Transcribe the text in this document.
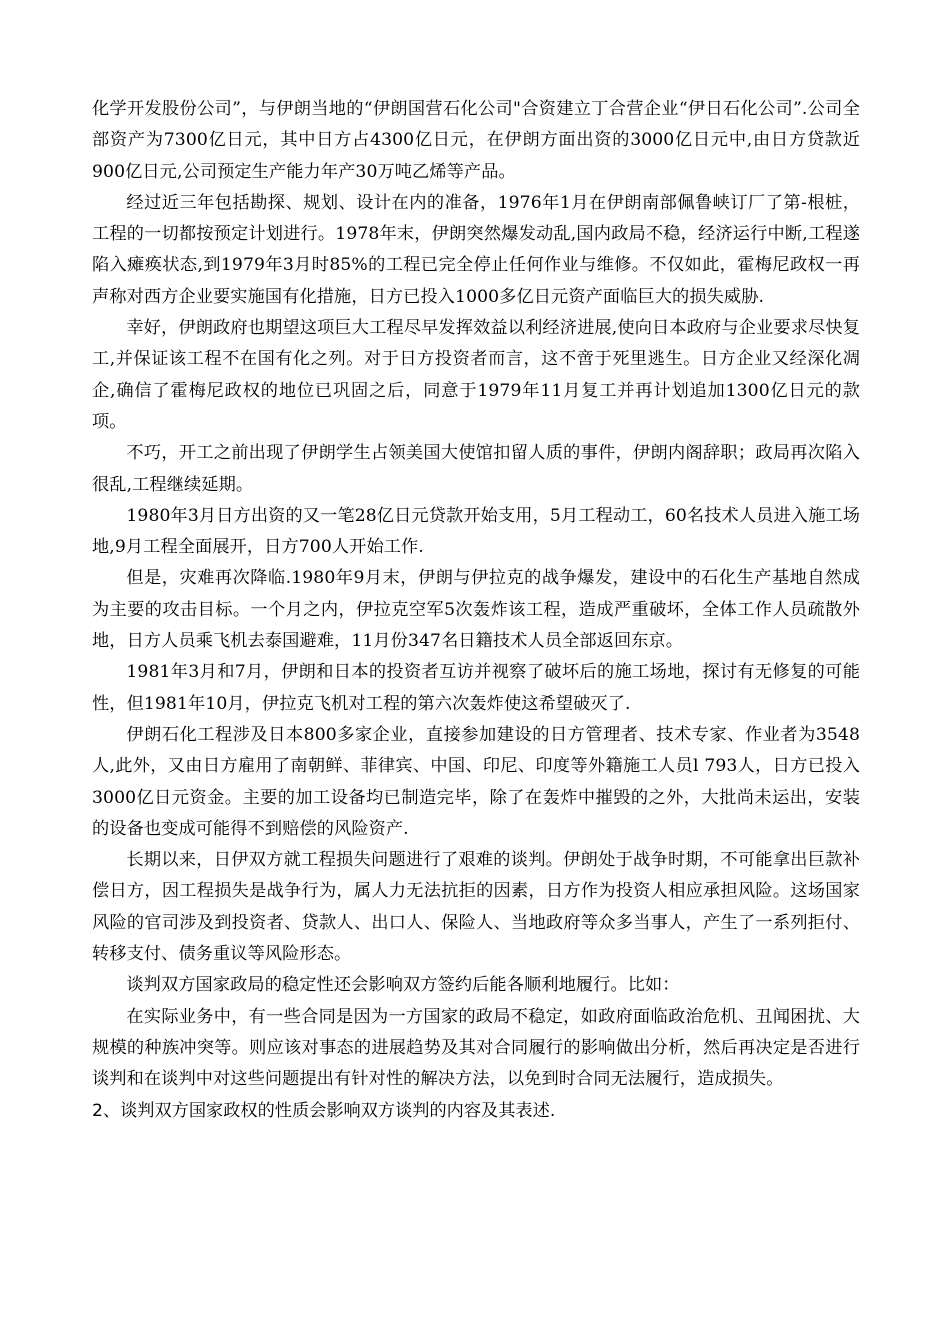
化学开发股份公司”，与伊朗当地的“伊朗国营石化公司"合资建立丁合营企业“伊日石化公司”.公司全部资产为7300亿日元，其中日方占4300亿日元，在伊朗方面出资的3000亿日元中,由日方贷款近900亿日元,公司预定生产能力年产30万吨乙烯等产品。

经过近三年包括勘探、规划、设计在内的准备，1976年1月在伊朗南部佩鲁峡订厂了第-根桩，工程的一切都按预定计划进行。1978年末，伊朗突然爆发动乱,国内政局不稳，经济运行中断,工程遂陷入瘫痪状态,到1979年3月时85%的工程已完全停止任何作业与维修。不仅如此，霍梅尼政权一再声称对西方企业要实施国有化措施，日方已投入1000多亿日元资产面临巨大的损失威胁.

幸好，伊朗政府也期望这项巨大工程尽早发挥效益以利经济进展,使向日本政府与企业要求尽快复工,并保证该工程不在国有化之列。对于日方投资者而言，这不啻于死里逃生。日方企业又经深化凋企,确信了霍梅尼政权的地位已巩固之后，同意于1979年11月复工并再计划追加1300亿日元的款项。

不巧，开工之前出现了伊朗学生占领美国大使馆扣留人质的事件，伊朗内阁辞职；政局再次陷入很乱,工程继续延期。

1980年3月日方出资的又一笔28亿日元贷款开始支用，5月工程动工，60名技术人员进入施工场地,9月工程全面展开，日方700人开始工作.

但是，灾难再次降临.1980年9月末，伊朗与伊拉克的战争爆发，建设中的石化生产基地自然成为主要的攻击目标。一个月之内，伊拉克空军5次轰炸该工程，造成严重破坏，全体工作人员疏散外地，日方人员乘飞机去泰国避难，11月份347名日籍技术人员全部返回东京。

1981年3月和7月，伊朗和日本的投资者互访并视察了破坏后的施工场地，探讨有无修复的可能性，但1981年10月，伊拉克飞机对工程的第六次轰炸使这希望破灭了.

伊朗石化工程涉及日本800多家企业，直接参加建设的日方管理者、技术专家、作业者为3548人,此外，又由日方雇用了南朝鲜、菲律宾、中国、印尼、印度等外籍施工人员l 793人，日方已投入3000亿日元资金。主要的加工设备均已制造完毕，除了在轰炸中摧毁的之外，大批尚未运出，安装的设备也变成可能得不到赔偿的风险资产.

长期以来，日伊双方就工程损失问题进行了艰难的谈判。伊朗处于战争时期，不可能拿出巨款补偿日方，因工程损失是战争行为，属人力无法抗拒的因素，日方作为投资人相应承担风险。这场国家风险的官司涉及到投资者、贷款人、出口人、保险人、当地政府等众多当事人，产生了一系列拒付、转移支付、债务重议等风险形态。

谈判双方国家政局的稳定性还会影响双方签约后能各顺利地履行。比如：

在实际业务中，有一些合同是因为一方国家的政局不稳定，如政府面临政治危机、丑闻困扰、大规模的种族冲突等。则应该对事态的进展趋势及其对合同履行的影响做出分析，然后再决定是否进行谈判和在谈判中对这些问题提出有针对性的解决方法，以免到时合同无法履行，造成损失。

2、谈判双方国家政权的性质会影响双方谈判的内容及其表述.
